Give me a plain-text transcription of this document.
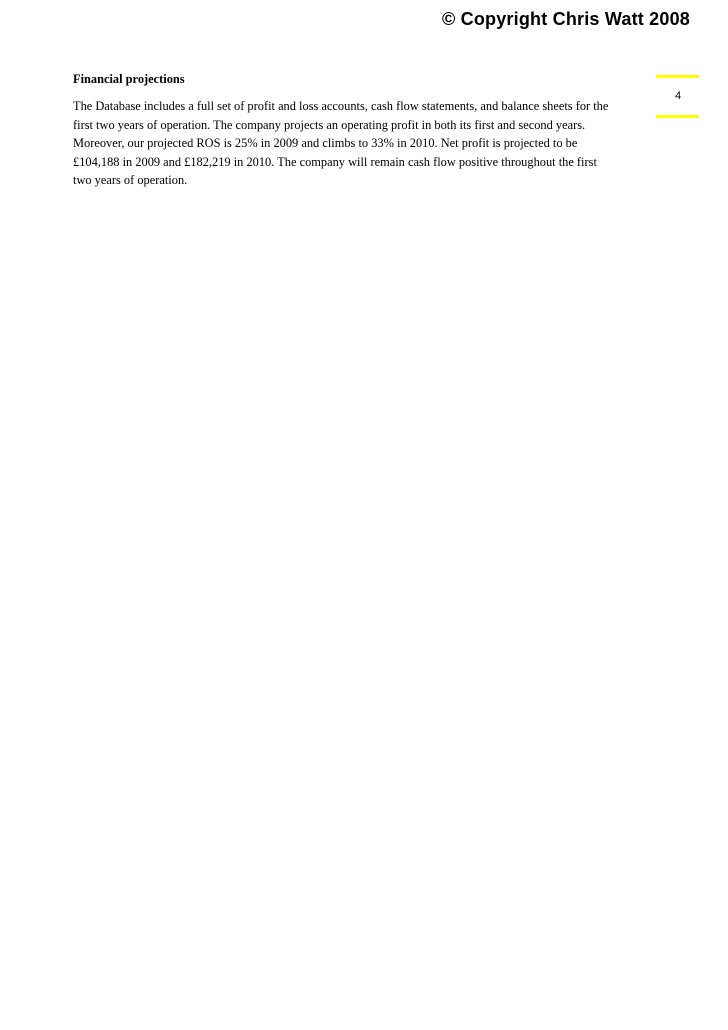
© Copyright Chris Watt 2008
4

Financial projections

The Database includes a full set of profit and loss accounts, cash flow statements, and balance sheets for the
first two years of operation. The company projects an operating profit in both its first and second years.
Moreover, our projected ROS is 25% in 2009 and climbs to 33% in 2010. Net profit is projected to be
£104,188 in 2009 and £182,219 in 2010. The company will remain cash flow positive throughout the first
two years of operation.
